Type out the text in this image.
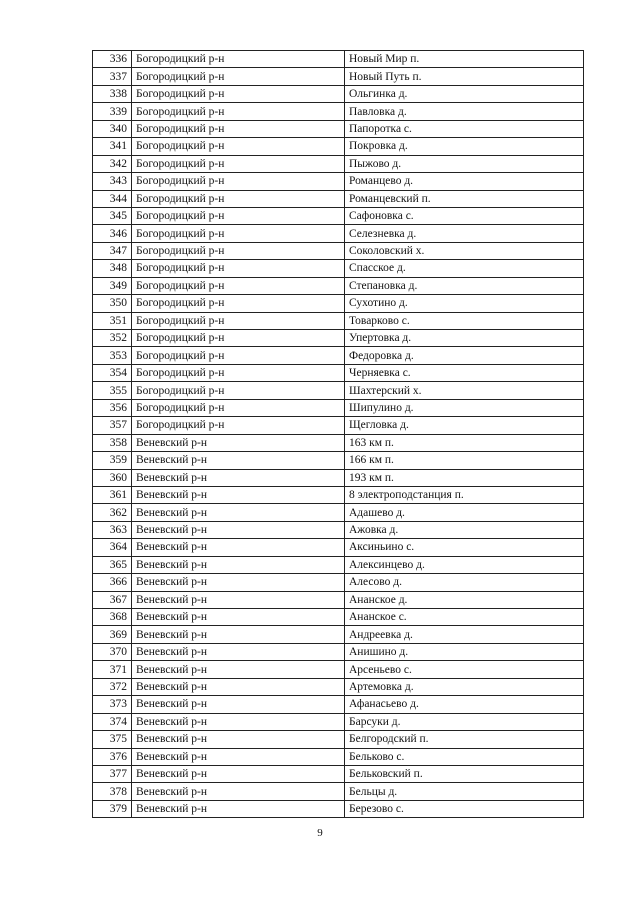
336	Богородицкий р-н	Новый Мир п.
337	Богородицкий р-н	Новый Путь п.
338	Богородицкий р-н	Ольгинка д.
339	Богородицкий р-н	Павловка д.
340	Богородицкий р-н	Папоротка с.
341	Богородицкий р-н	Покровка д.
342	Богородицкий р-н	Пыжово д.
343	Богородицкий р-н	Романцево д.
344	Богородицкий р-н	Романцевский п.
345	Богородицкий р-н	Сафоновка с.
346	Богородицкий р-н	Селезневка д.
347	Богородицкий р-н	Соколовский х.
348	Богородицкий р-н	Спасское д.
349	Богородицкий р-н	Степановка д.
350	Богородицкий р-н	Сухотино д.
351	Богородицкий р-н	Товарково с.
352	Богородицкий р-н	Упертовка д.
353	Богородицкий р-н	Федоровка д.
354	Богородицкий р-н	Черняевка с.
355	Богородицкий р-н	Шахтерский х.
356	Богородицкий р-н	Шипулино д.
357	Богородицкий р-н	Щегловка д.
358	Веневский р-н	163 км п.
359	Веневский р-н	166 км п.
360	Веневский р-н	193 км п.
361	Веневский р-н	8 электроподстанция п.
362	Веневский р-н	Адашево д.
363	Веневский р-н	Ажовка д.
364	Веневский р-н	Аксиньино с.
365	Веневский р-н	Алексинцево д.
366	Веневский р-н	Алесово д.
367	Веневский р-н	Ананское д.
368	Веневский р-н	Ананское с.
369	Веневский р-н	Андреевка д.
370	Веневский р-н	Анишино д.
371	Веневский р-н	Арсеньево с.
372	Веневский р-н	Артемовка д.
373	Веневский р-н	Афанасьево д.
374	Веневский р-н	Барсуки д.
375	Веневский р-н	Белгородский п.
376	Веневский р-н	Бельково с.
377	Веневский р-н	Бельковский п.
378	Веневский р-н	Бельцы д.
379	Веневский р-н	Березово с.
9
